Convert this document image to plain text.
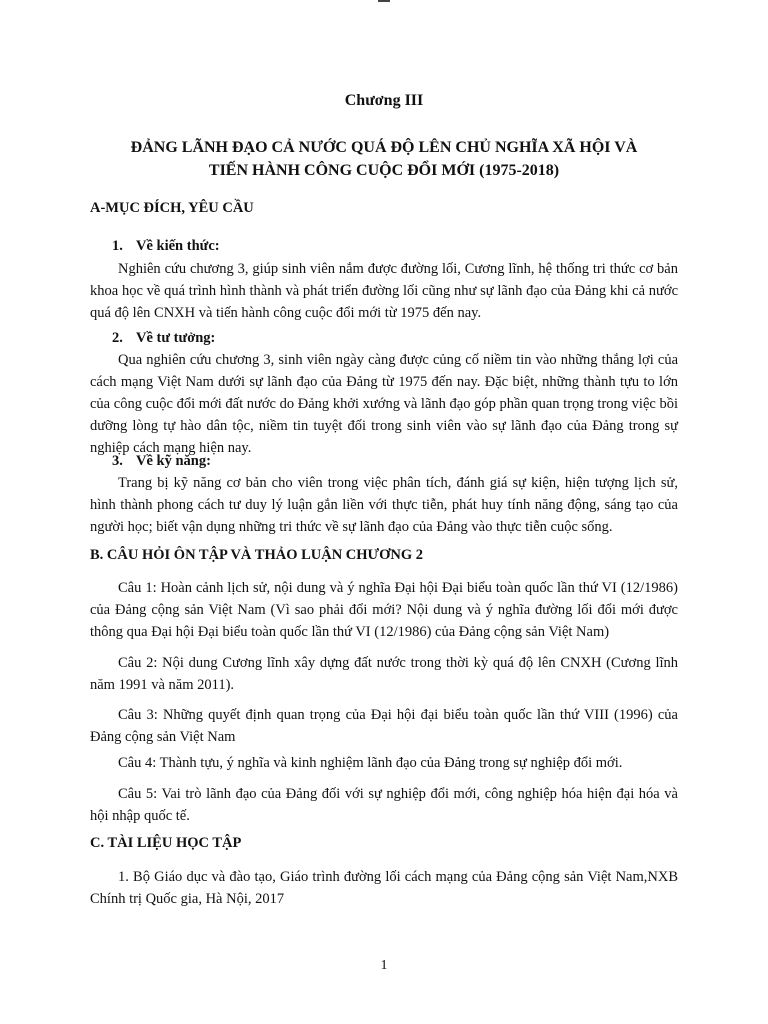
Chương III
ĐẢNG LÃNH ĐẠO CẢ NƯỚC QUÁ ĐỘ LÊN CHỦ NGHĨA XÃ HỘI VÀ
TIẾN HÀNH CÔNG CUỘC ĐỔI MỚI (1975-2018)
A-MỤC ĐÍCH, YÊU CẦU
1. Về kiến thức:
Nghiên cứu chương 3, giúp sinh viên nắm được đường lối, Cương lĩnh, hệ thống tri thức cơ bản khoa học về quá trình hình thành và phát triển đường lối cũng như sự lãnh đạo của Đảng khi cả nước quá độ lên CNXH và tiến hành công cuộc đổi mới từ 1975 đến nay.
2. Về tư tưởng:
Qua nghiên cứu chương 3, sinh viên ngày càng được củng cố niềm tin vào những thắng lợi của cách mạng Việt Nam dưới sự lãnh đạo của Đảng từ 1975 đến nay. Đặc biệt, những thành tựu to lớn của công cuộc đổi mới đất nước do Đảng khởi xướng và lãnh đạo góp phần quan trọng trong việc bồi dưỡng lòng tự hào dân tộc, niềm tin tuyệt đối trong sinh viên vào sự lãnh đạo của Đảng trong sự nghiệp cách mạng hiện nay.
3. Về kỹ năng:
Trang bị kỹ năng cơ bản cho viên trong việc phân tích, đánh giá sự kiện, hiện tượng lịch sử, hình thành phong cách tư duy lý luận gắn liền với thực tiễn, phát huy tính năng động, sáng tạo của người học; biết vận dụng những tri thức về sự lãnh đạo của Đảng vào thực tiễn cuộc sống.
B. CÂU HỎI ÔN TẬP VÀ THẢO LUẬN CHƯƠNG 2
Câu 1: Hoàn cảnh lịch sử, nội dung và ý nghĩa Đại hội Đại biểu toàn quốc lần thứ VI (12/1986) của Đảng cộng sản Việt Nam (Vì sao phải đổi mới? Nội dung và ý nghĩa đường lối đổi mới được thông qua Đại hội Đại biểu toàn quốc lần thứ VI (12/1986) của Đảng cộng sản Việt Nam)
Câu 2: Nội dung Cương lĩnh xây dựng đất nước trong thời kỳ quá độ lên CNXH (Cương lĩnh năm 1991 và năm 2011).
Câu 3: Những quyết định quan trọng của Đại hội đại biểu toàn quốc lần thứ VIII (1996) của Đảng cộng sản Việt Nam
Câu 4: Thành tựu, ý nghĩa và kinh nghiệm lãnh đạo của Đảng trong sự nghiệp đổi mới.
Câu 5: Vai trò lãnh đạo của Đảng đối với sự nghiệp đổi mới, công nghiệp hóa hiện đại hóa và hội nhập quốc tế.
C. TÀI LIỆU HỌC TẬP
1. Bộ Giáo dục và đào tạo, Giáo trình đường lối cách mạng của Đảng cộng sản Việt Nam,NXB Chính trị Quốc gia, Hà Nội, 2017
1
